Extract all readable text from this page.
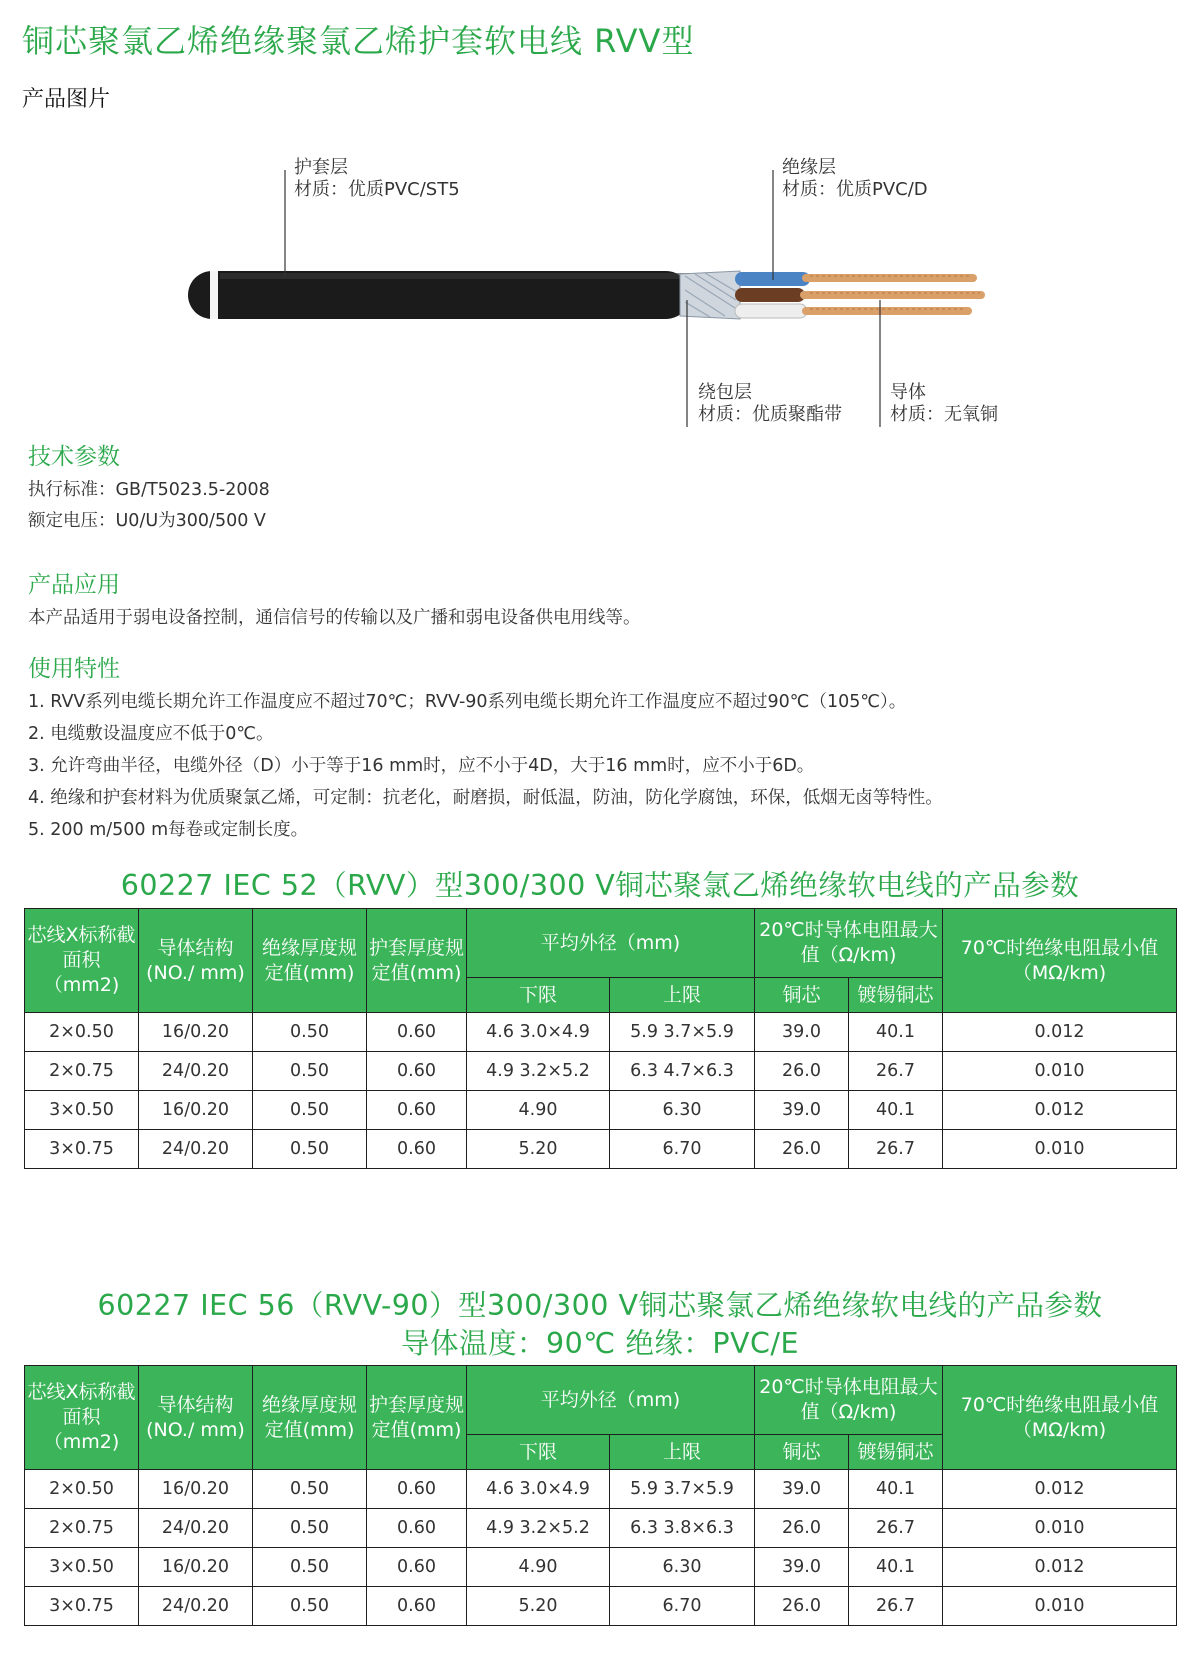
铜芯聚氯乙烯绝缘聚氯乙烯护套软电线 RVV型
产品图片
护套层
材质：优质PVC/ST5
绝缘层
材质：优质PVC/D
绕包层
材质：优质聚酯带
导体
材质：无氧铜
技术参数
执行标准：GB/T5023.5-2008
额定电压：U0/U为300/500 V
产品应用
本产品适用于弱电设备控制，通信信号的传输以及广播和弱电设备供电用线等。
使用特性
1. RVV系列电缆长期允许工作温度应不超过70℃；RVV-90系列电缆长期允许工作温度应不超过90℃（105℃）。
2. 电缆敷设温度应不低于0℃。
3. 允许弯曲半径，电缆外径（D）小于等于16 mm时，应不小于4D，大于16 mm时，应不小于6D。
4. 绝缘和护套材料为优质聚氯乙烯，可定制：抗老化，耐磨损，耐低温，防油，防化学腐蚀，环保，低烟无卤等特性。
5. 200 m/500 m每卷或定制长度。
60227 IEC 52（RVV）型300/300 V铜芯聚氯乙烯绝缘软电线的产品参数
芯线X标称截面积（mm2)	导体结构(NO./ mm)	绝缘厚度规定值(mm)	护套厚度规定值(mm)	平均外径（mm)		20℃时导体电阻最大值（Ω/km)		70℃时绝缘电阻最小值（MΩ/km)
				下限	上限	铜芯	镀锡铜芯	
2×0.50	16/0.20	0.50	0.60	4.6 3.0×4.9	5.9 3.7×5.9	39.0	40.1	0.012
2×0.75	24/0.20	0.50	0.60	4.9 3.2×5.2	6.3 4.7×6.3	26.0	26.7	0.010
3×0.50	16/0.20	0.50	0.60	4.90	6.30	39.0	40.1	0.012
3×0.75	24/0.20	0.50	0.60	5.20	6.70	26.0	26.7	0.010
60227 IEC 56（RVV-90）型300/300 V铜芯聚氯乙烯绝缘软电线的产品参数
导体温度：90℃ 绝缘：PVC/E
芯线X标称截面积（mm2)	导体结构(NO./ mm)	绝缘厚度规定值(mm)	护套厚度规定值(mm)	平均外径（mm)		20℃时导体电阻最大值（Ω/km)		70℃时绝缘电阻最小值（MΩ/km)
				下限	上限	铜芯	镀锡铜芯	
2×0.50	16/0.20	0.50	0.60	4.6 3.0×4.9	5.9 3.7×5.9	39.0	40.1	0.012
2×0.75	24/0.20	0.50	0.60	4.9 3.2×5.2	6.3 3.8×6.3	26.0	26.7	0.010
3×0.50	16/0.20	0.50	0.60	4.90	6.30	39.0	40.1	0.012
3×0.75	24/0.20	0.50	0.60	5.20	6.70	26.0	26.7	0.010
